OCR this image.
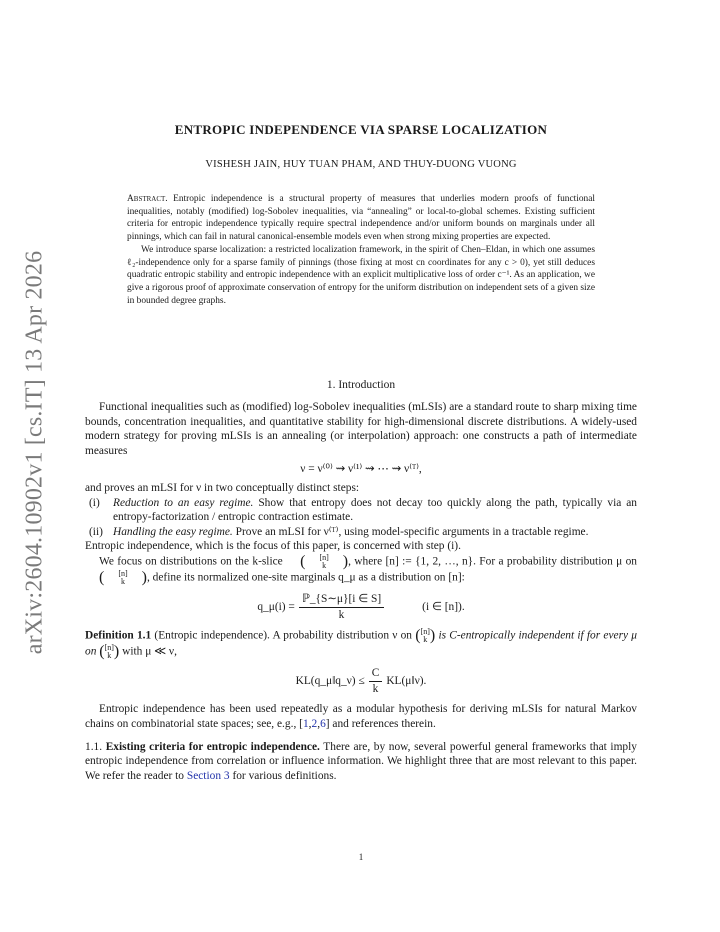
arXiv:2604.10902v1 [cs.IT] 13 Apr 2026
ENTROPIC INDEPENDENCE VIA SPARSE LOCALIZATION
VISHESH JAIN, HUY TUAN PHAM, AND THUY-DUONG VUONG

Abstract. Entropic independence is a structural property of measures that underlies modern proofs of functional inequalities, notably (modified) log-Sobolev inequalities, via “annealing” or local-to-global schemes. Existing sufficient criteria for entropic independence typically require spectral independence and/or uniform bounds on marginals under all pinnings, which can fail in natural canonical-ensemble models even when strong mixing properties are expected.

We introduce sparse localization: a restricted localization framework, in the spirit of Chen–Eldan, in which one assumes ℓ₂-independence only for a sparse family of pinnings (those fixing at most cn coordinates for any c > 0), yet still deduces quadratic entropic stability and entropic independence with an explicit multiplicative loss of order c⁻¹. As an application, we give a rigorous proof of approximate conservation of entropy for the uniform distribution on independent sets of a given size in bounded degree graphs.

1. Introduction

Functional inequalities such as (modified) log-Sobolev inequalities (mLSIs) are a standard route to sharp mixing time bounds, concentration inequalities, and quantitative stability for high-dimensional discrete distributions. A widely-used modern strategy for proving mLSIs is an annealing (or interpolation) approach: one constructs a path of intermediate measures

ν = ν⁽⁰⁾ ⇝ ν⁽¹⁾ ⇝ ⋯ ⇝ ν⁽ᵀ⁾,

and proves an mLSI for ν in two conceptually distinct steps:

(i)	Reduction to an easy regime. Show that entropy does not decay too quickly along the path, typically via an entropy-factorization / entropic contraction estimate.
(ii) Handling the easy regime. Prove an mLSI for ν⁽ᵀ⁾, using model-specific arguments in a tractable regime.

Entropic independence, which is the focus of this paper, is concerned with step (i).

We focus on distributions on the k-slice	(	[n]
k	) , where [n] := {1, 2, …, n}. For a probability distribution μ on
(	[n]
k	) , define its normalized one-site marginals q_μ as a distribution on [n]:

q_μ(i) = $\frac{\text{ℙ\_\{S∼μ\}[i ∈ S]}}{k}$	(i ∈ [n]).

Definition 1.1 (Entropic independence). A probability distribution ν on ( [n]
k ) is C-entropically independent if for every μ on ( [n]
k ) with μ ≪ ν,

KL(q_μ‖q_ν) ≤ $\frac{C}{k}$ KL(μ‖ν).

Entropic independence has been used repeatedly as a modular hypothesis for deriving mLSIs for natural Markov chains on combinatorial state spaces; see, e.g., [1,2,6] and references therein.

1.1. Existing criteria for entropic independence. There are, by now, several powerful general frameworks that imply entropic independence from correlation or influence information. We highlight three that are most relevant to this paper. We refer the reader to Section 3 for various definitions.

1
